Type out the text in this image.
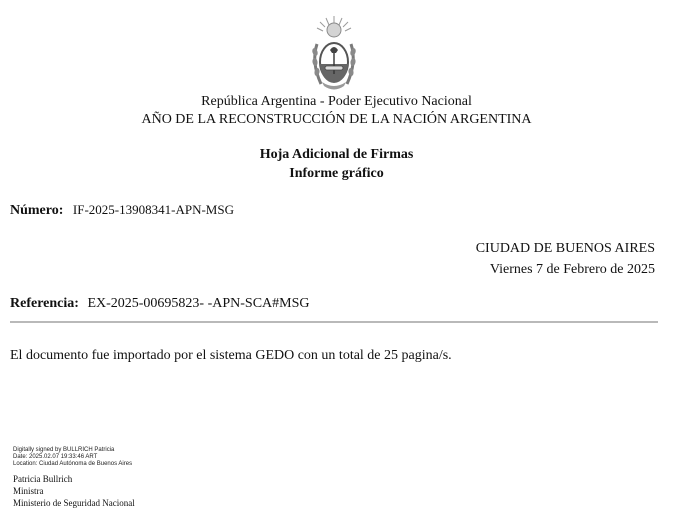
República Argentina - Poder Ejecutivo Nacional
AÑO DE LA RECONSTRUCCIÓN DE LA NACIÓN ARGENTINA
Hoja Adicional de Firmas
Informe gráfico
Número: IF-2025-13908341-APN-MSG
CIUDAD DE BUENOS AIRES
Viernes 7 de Febrero de 2025
Referencia: EX-2025-00695823- -APN-SCA#MSG
El documento fue importado por el sistema GEDO con un total de 25 pagina/s.
Digitally signed by BULLRICH Patricia
Date: 2025.02.07 19:33:46 ART
Location: Ciudad Autónoma de Buenos Aires
Patricia Bullrich
Ministra
Ministerio de Seguridad Nacional
